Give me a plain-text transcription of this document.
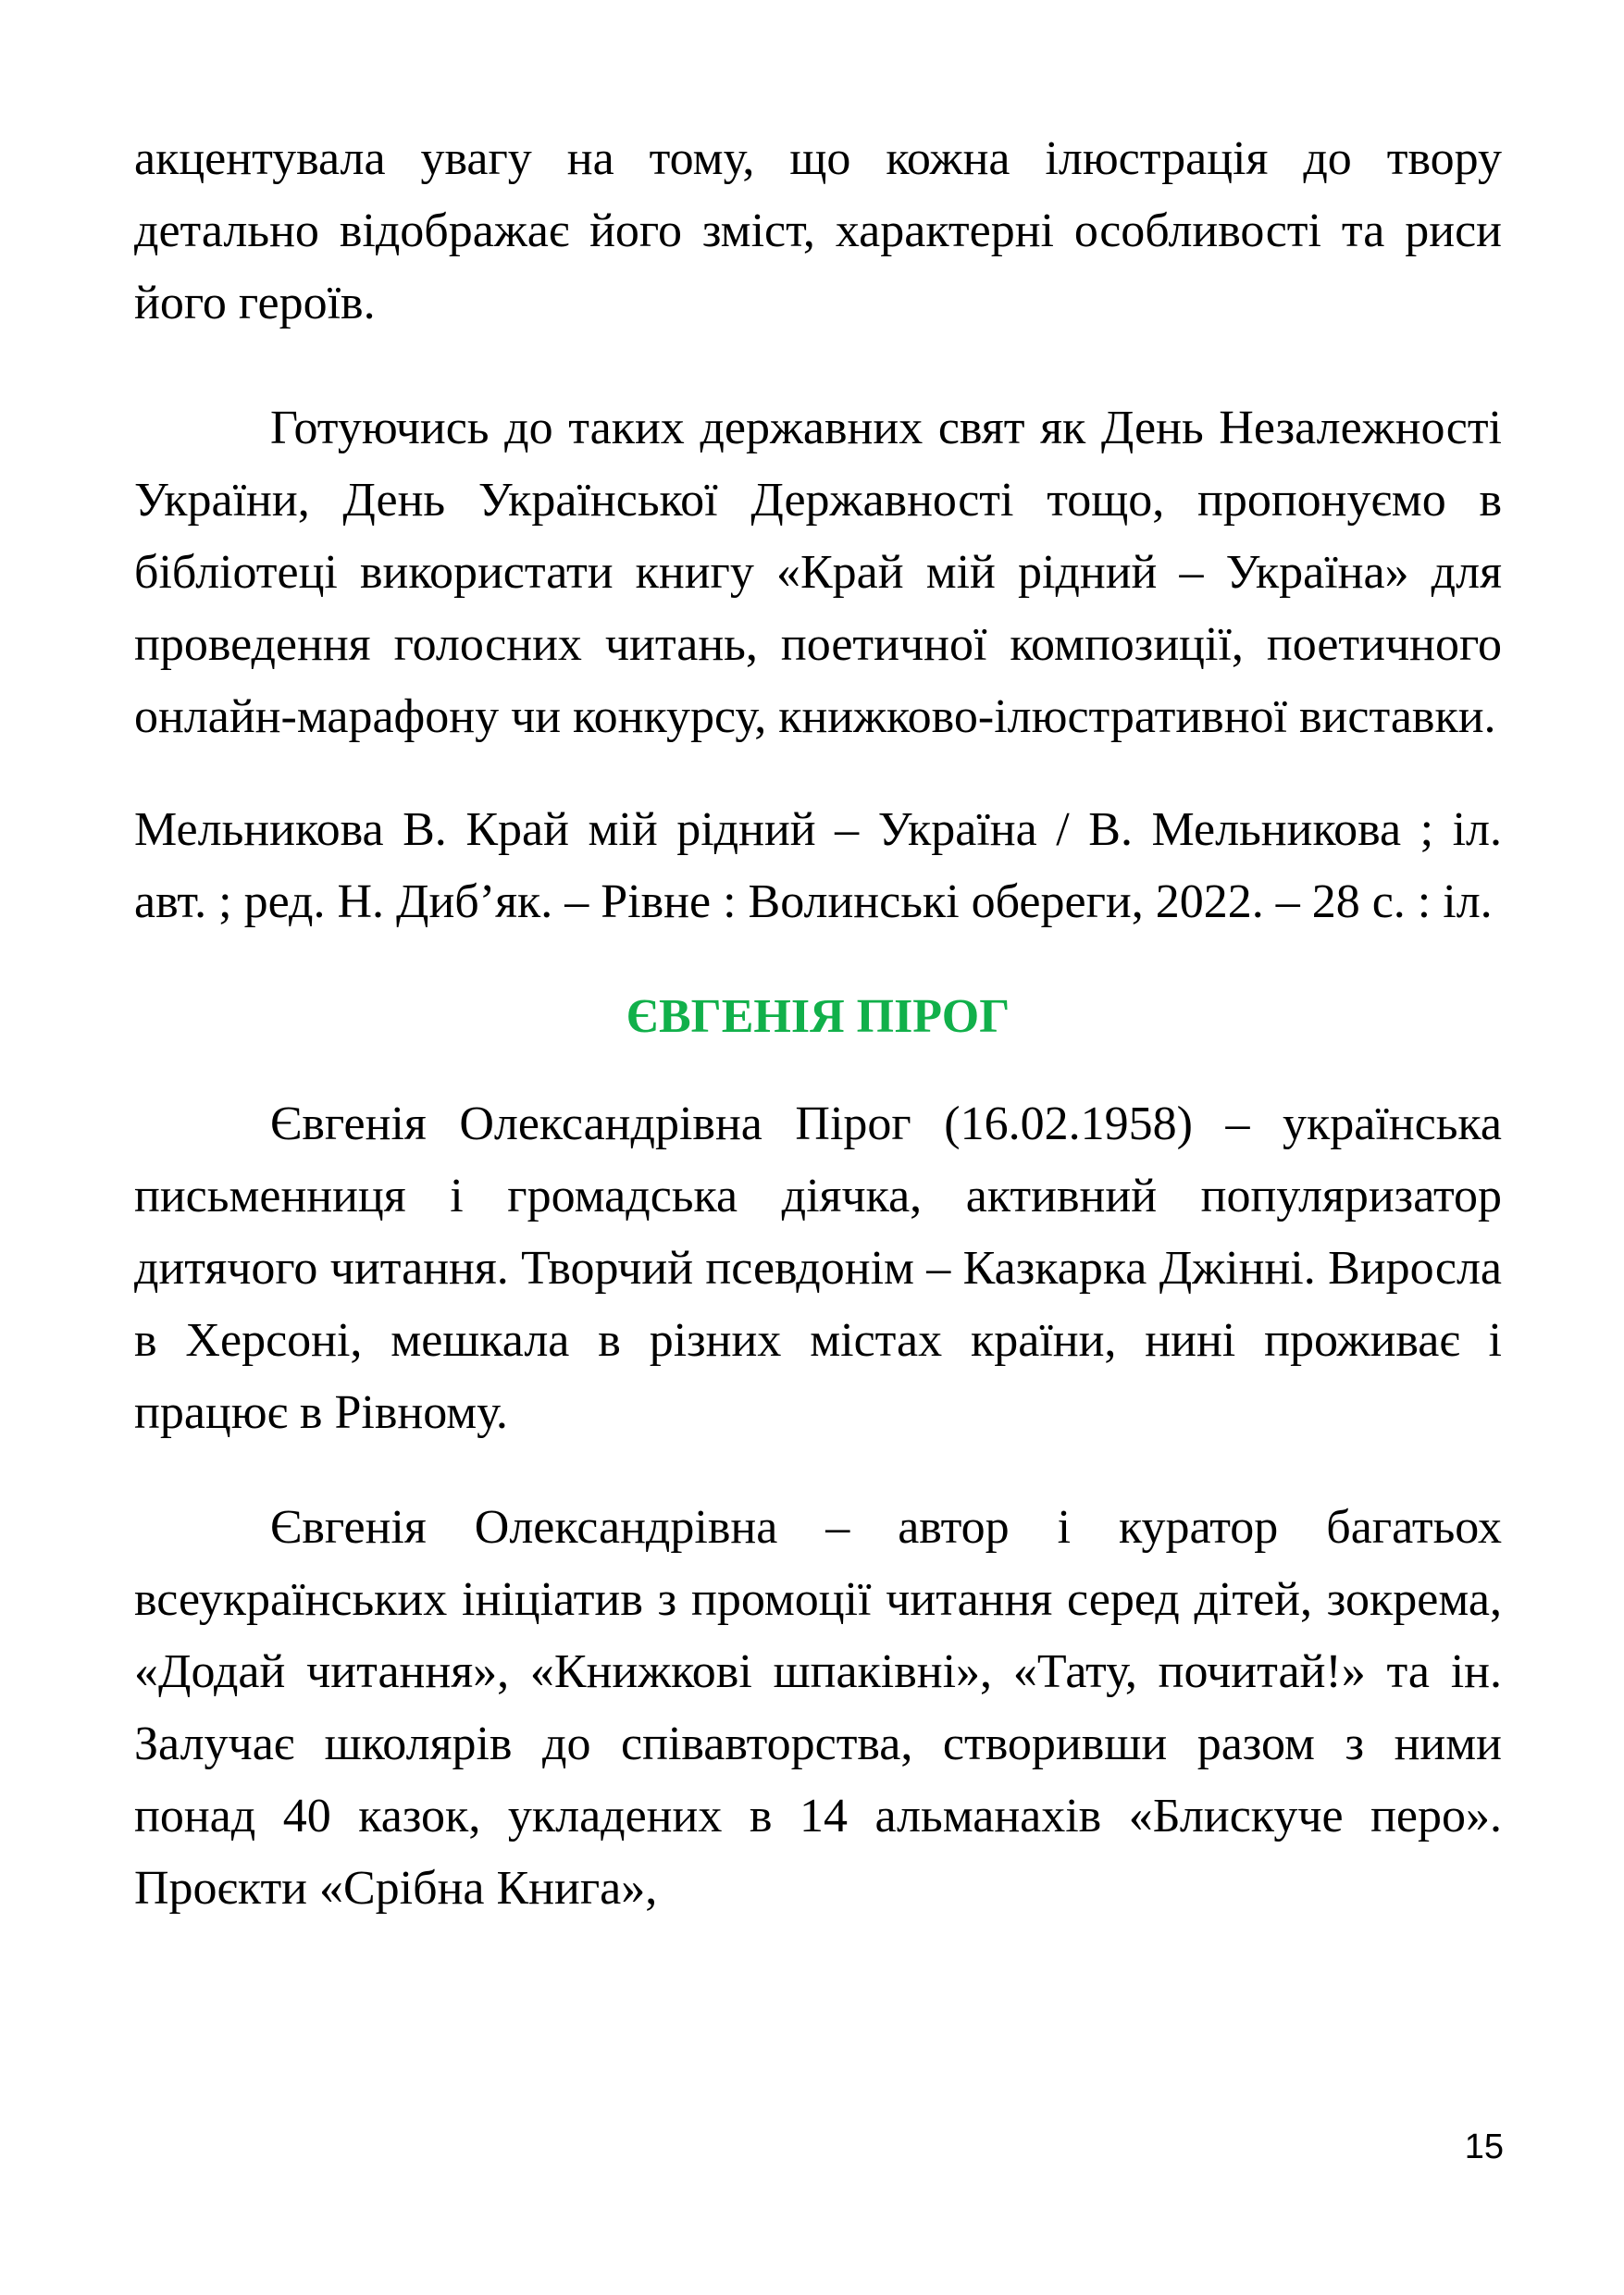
акцентувала увагу на тому, що кожна ілюстрація до твору детально відображає його зміст, характерні особливості та риси його героїв.

Готуючись до таких державних свят як День Незалежності України, День Української Державності тощо, пропонуємо в бібліотеці використати книгу «Край мій рідний – Україна» для проведення голосних читань, поетичної композиції, поетичного онлайн-марафону чи конкурсу, книжково-ілюстративної виставки.

Мельникова В. Край мій рідний – Україна / В. Мельникова ; іл. авт. ; ред. Н. Диб’як. – Рівне : Волинські обереги, 2022. – 28 с. : іл.

ЄВГЕНІЯ ПІРОГ

Євгенія Олександрівна Пірог (16.02.1958) – українська письменниця і громадська діячка, активний популяризатор дитячого читання. Творчий псевдонім – Казкарка Джінні. Виросла в Херсоні, мешкала в різних містах країни, нині проживає і працює в Рівному.

Євгенія Олександрівна – автор і куратор багатьох всеукраїнських ініціатив з промоції читання серед дітей, зокрема, «Додай читання», «Книжкові шпаківні», «Тату, почитай!» та ін. Залучає школярів до співавторства, створивши разом з ними понад 40 казок, укладених в 14 альманахів «Блискуче перо». Проєкти «Срібна Книга»,

15
